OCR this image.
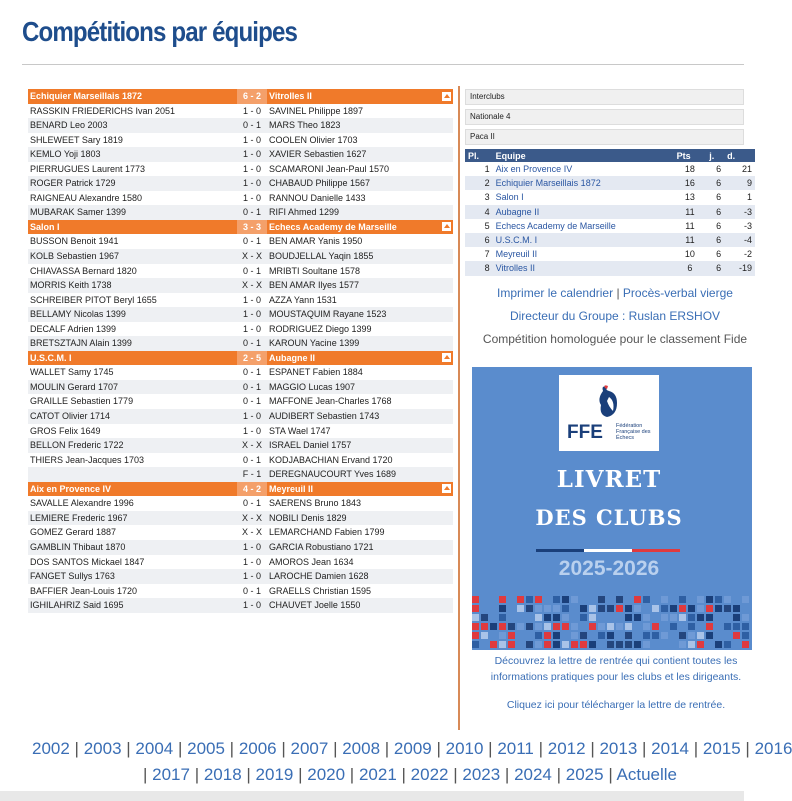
Compétitions par équipes
Echiquier Marseillais 1872	6 - 2 Vitrolles II
RASSKIN FRIEDERICHS Ivan 2051	1 - 0 SAVINEL Philippe 1897
BENARD Leo 2003	0 - 1 MARS Theo 1823
SHLEWEET Sary 1819	1 - 0 COOLEN Olivier 1703
KEMLO Yoji 1803	1 - 0 XAVIER Sebastien 1627
PIERRUGUES Laurent 1773	1 - 0 SCAMARONI Jean-Paul 1570
ROGER Patrick 1729	1 - 0 CHABAUD Philippe 1567
RAIGNEAU Alexandre 1580	1 - 0 RANNOU Danielle 1433
MUBARAK Samer 1399	0 - 1 RIFI Ahmed 1299
Salon I	3 - 3 Echecs Academy de Marseille
BUSSON Benoit 1941	0 - 1 BEN AMAR Yanis 1950
KOLB Sebastien 1967	X - X BOUDJELLAL Yaqin 1855
CHIAVASSA Bernard 1820	0 - 1 MRIBTI Soultane 1578
MORRIS Keith 1738	X - X BEN AMAR Ilyes 1577
SCHREIBER PITOT Beryl 1655	1 - 0 AZZA Yann 1531
BELLAMY Nicolas 1399	1 - 0 MOUSTAQUIM Rayane 1523
DECALF Adrien 1399	1 - 0 RODRIGUEZ Diego 1399
BRETSZTAJN Alain 1399	0 - 1 KAROUN Yacine 1399
U.S.C.M. I	2 - 5 Aubagne II
WALLET Samy 1745	0 - 1 ESPANET Fabien 1884
MOULIN Gerard 1707	0 - 1 MAGGIO Lucas 1907
GRAILLE Sebastien 1779	0 - 1 MAFFONE Jean-Charles 1768
CATOT Olivier 1714	1 - 0 AUDIBERT Sebastien 1743
GROS Felix 1649	1 - 0 STA Wael 1747
BELLON Frederic 1722	X - X ISRAEL Daniel 1757
THIERS Jean-Jacques 1703	0 - 1 KODJABACHIAN Ervand 1720
F - 1 DEREGNAUCOURT Yves 1689
Aix en Provence IV	4 - 2 Meyreuil II
SAVALLE Alexandre 1996	0 - 1 SAERENS Bruno 1843
LEMIERE Frederic 1967	X - X NOBILI Denis 1829
GOMEZ Gerard 1887	X - X LEMARCHAND Fabien 1799
GAMBLIN Thibaut 1870	1 - 0 GARCIA Robustiano 1721
DOS SANTOS Mickael 1847	1 - 0 AMOROS Jean 1634
FANGET Sullys 1763	1 - 0 LAROCHE Damien 1628
BAFFIER Jean-Louis 1720	0 - 1 GRAELLS Christian 1595
IGHILAHRIZ Said 1695	1 - 0 CHAUVET Joelle 1550
Interclubs
Nationale 4
Paca II
Pl.	Equipe	Pts	j.	d.
1	Aix en Provence IV	18	6	21
2	Echiquier Marseillais 1872	16	6	9
3	Salon I	13	6	1
4	Aubagne II	11	6	-3
5	Echecs Academy de Marseille	11	6	-3
6	U.S.C.M. I	11	6	-4
7	Meyreuil II	10	6	-2
8	Vitrolles II	6	6	-19
Imprimer le calendrier | Procès-verbal vierge
Directeur du Groupe : Ruslan ERSHOV
Compétition homologuée pour le classement Fide
FFE Fédération Française des Échecs
LIVRET
DES CLUBS
2025-2026
Découvrez la lettre de rentrée qui contient toutes les informations pratiques pour les clubs et les dirigeants.
Cliquez ici pour télécharger la lettre de rentrée.
2002 | 2003 | 2004 | 2005 | 2006 | 2007 | 2008 | 2009 | 2010 | 2011 | 2012 | 2013 | 2014 | 2015 | 2016
| 2017 | 2018 | 2019 | 2020 | 2021 | 2022 | 2023 | 2024 | 2025 | Actuelle
